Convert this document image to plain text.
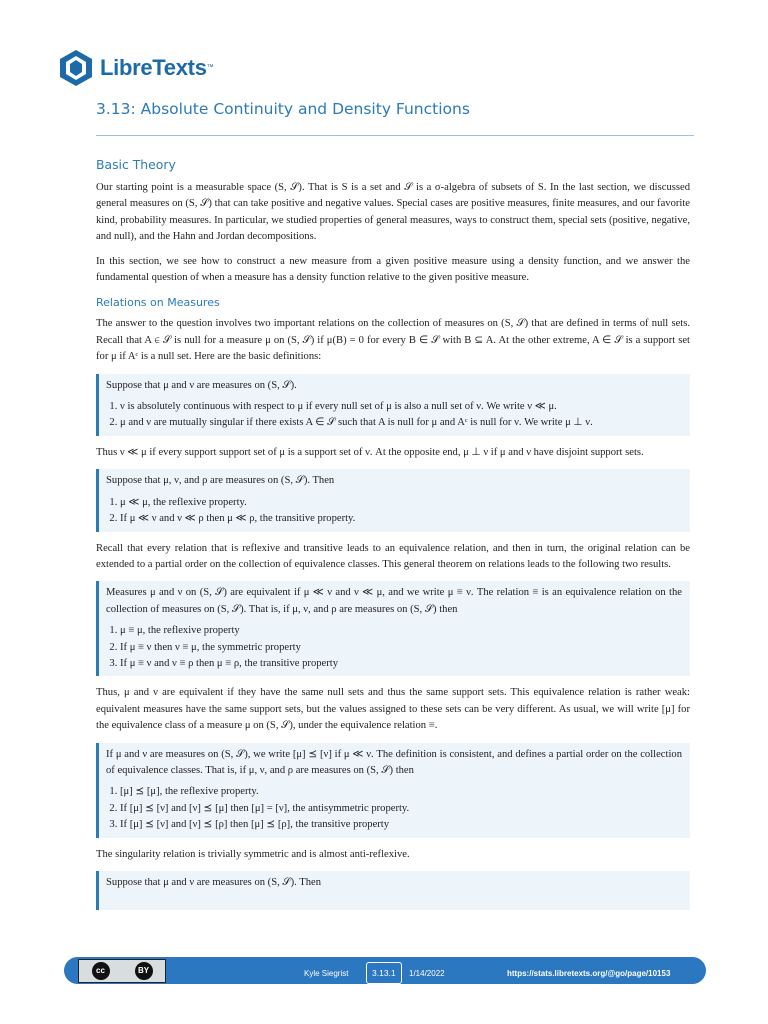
LibreTexts ™
3.13: Absolute Continuity and Density Functions
Basic Theory

Our starting point is a measurable space (S, 𝒮). That is S is a set and 𝒮 is a σ-algebra of subsets of S. In the last section, we discussed general measures on (S, 𝒮) that can take positive and negative values. Special cases are positive measures, finite measures, and our favorite kind, probability measures. In particular, we studied properties of general measures, ways to construct them, special sets (positive, negative, and null), and the Hahn and Jordan decompositions.

In this section, we see how to construct a new measure from a given positive measure using a density function, and we answer the fundamental question of when a measure has a density function relative to the given positive measure.

Relations on Measures

The answer to the question involves two important relations on the collection of measures on (S, 𝒮) that are defined in terms of null sets. Recall that A ∈ 𝒮 is null for a measure μ on (S, 𝒮) if μ(B) = 0 for every B ∈ 𝒮 with B ⊆ A. At the other extreme, A ∈ 𝒮 is a support set for μ if Aᶜ is a null set. Here are the basic definitions:

Suppose that μ and ν are measures on (S, 𝒮).

1. ν is absolutely continuous with respect to μ if every null set of μ is also a null set of ν. We write ν ≪ μ.
2. μ and ν are mutually singular if there exists A ∈ 𝒮 such that A is null for μ and Aᶜ is null for ν. We write μ ⊥ ν.

Thus ν ≪ μ if every support support set of μ is a support set of ν. At the opposite end, μ ⊥ ν if μ and ν have disjoint support sets.

Suppose that μ, ν, and ρ are measures on (S, 𝒮). Then

1. μ ≪ μ, the reflexive property.
2. If μ ≪ ν and ν ≪ ρ then μ ≪ ρ, the transitive property.

Recall that every relation that is reflexive and transitive leads to an equivalence relation, and then in turn, the original relation can be extended to a partial order on the collection of equivalence classes. This general theorem on relations leads to the following two results.

Measures μ and ν on (S, 𝒮) are equivalent if μ ≪ ν and ν ≪ μ, and we write μ ≡ ν. The relation ≡ is an equivalence relation on the collection of measures on (S, 𝒮). That is, if μ, ν, and ρ are measures on (S, 𝒮) then

1. μ ≡ μ, the reflexive property
2. If μ ≡ ν then ν ≡ μ, the symmetric property
3. If μ ≡ ν and ν ≡ ρ then μ ≡ ρ, the transitive property

Thus, μ and ν are equivalent if they have the same null sets and thus the same support sets. This equivalence relation is rather weak: equivalent measures have the same support sets, but the values assigned to these sets can be very different. As usual, we will write [μ] for the equivalence class of a measure μ on (S, 𝒮), under the equivalence relation ≡.

If μ and ν are measures on (S, 𝒮), we write [μ] ⪯ [ν] if μ ≪ ν. The definition is consistent, and defines a partial order on the collection of equivalence classes. That is, if μ, ν, and ρ are measures on (S, 𝒮) then

1. [μ] ⪯ [μ], the reflexive property.
2. If [μ] ⪯ [ν] and [ν] ⪯ [μ] then [μ] = [ν], the antisymmetric property.
3. If [μ] ⪯ [ν] and [ν] ⪯ [ρ] then [μ] ⪯ [ρ], the transitive property

The singularity relation is trivially symmetric and is almost anti-reflexive.

Suppose that μ and ν are measures on (S, 𝒮). Then

cc	BY	Kyle Siegrist	3.13.1	1/14/2022	https://stats.libretexts.org/@go/page/10153
